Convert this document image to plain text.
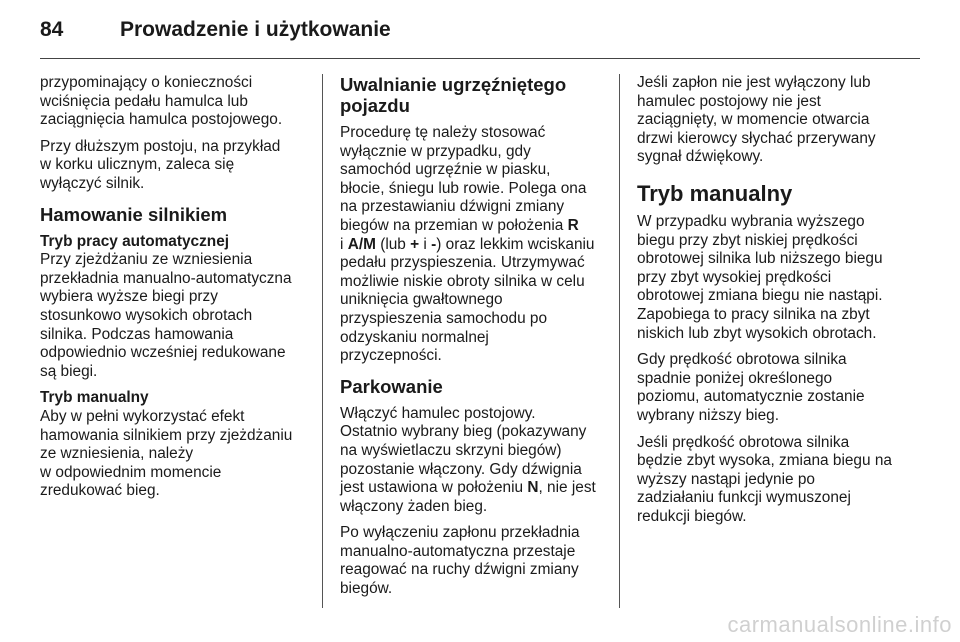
84	Prowadzenie i użytkowanie

przypominający o konieczności
wciśnięcia pedału hamulca lub
zaciągnięcia hamulca postojowego.

Przy dłuższym postoju, na przykład
w korku ulicznym, zaleca się
wyłączyć silnik.

Hamowanie silnikiem
Tryb pracy automatycznej

Przy zjeżdżaniu ze wzniesienia
przekładnia manualno-automatyczna
wybiera wyższe biegi przy
stosunkowo wysokich obrotach
silnika. Podczas hamowania
odpowiednio wcześniej redukowane
są biegi.

Tryb manualny

Aby w pełni wykorzystać efekt
hamowania silnikiem przy zjeżdżaniu
ze wzniesienia, należy
w odpowiednim momencie
zredukować bieg.

Uwalnianie ugrzęźniętego
pojazdu

Procedurę tę należy stosować
wyłącznie w przypadku, gdy
samochód ugrzęźnie w piasku,
błocie, śniegu lub rowie. Polega ona
na przestawianiu dźwigni zmiany
biegów na przemian w położenia R
i A/M (lub + i -) oraz lekkim wciskaniu
pedału przyspieszenia. Utrzymywać
możliwie niskie obroty silnika w celu
uniknięcia gwałtownego
przyspieszenia samochodu po
odzyskaniu normalnej
przyczepności.

Parkowanie

Włączyć hamulec postojowy.
Ostatnio wybrany bieg (pokazywany
na wyświetlaczu skrzyni biegów)
pozostanie włączony. Gdy dźwignia
jest ustawiona w położeniu N, nie jest
włączony żaden bieg.

Po wyłączeniu zapłonu przekładnia
manualno-automatyczna przestaje
reagować na ruchy dźwigni zmiany
biegów.

Jeśli zapłon nie jest wyłączony lub
hamulec postojowy nie jest
zaciągnięty, w momencie otwarcia
drzwi kierowcy słychać przerywany
sygnał dźwiękowy.

Tryb manualny

W przypadku wybrania wyższego
biegu przy zbyt niskiej prędkości
obrotowej silnika lub niższego biegu
przy zbyt wysokiej prędkości
obrotowej zmiana biegu nie nastąpi.
Zapobiega to pracy silnika na zbyt
niskich lub zbyt wysokich obrotach.

Gdy prędkość obrotowa silnika
spadnie poniżej określonego
poziomu, automatycznie zostanie
wybrany niższy bieg.

Jeśli prędkość obrotowa silnika
będzie zbyt wysoka, zmiana biegu na
wyższy nastąpi jedynie po
zadziałaniu funkcji wymuszonej
redukcji biegów.

carmanualsonline.info
